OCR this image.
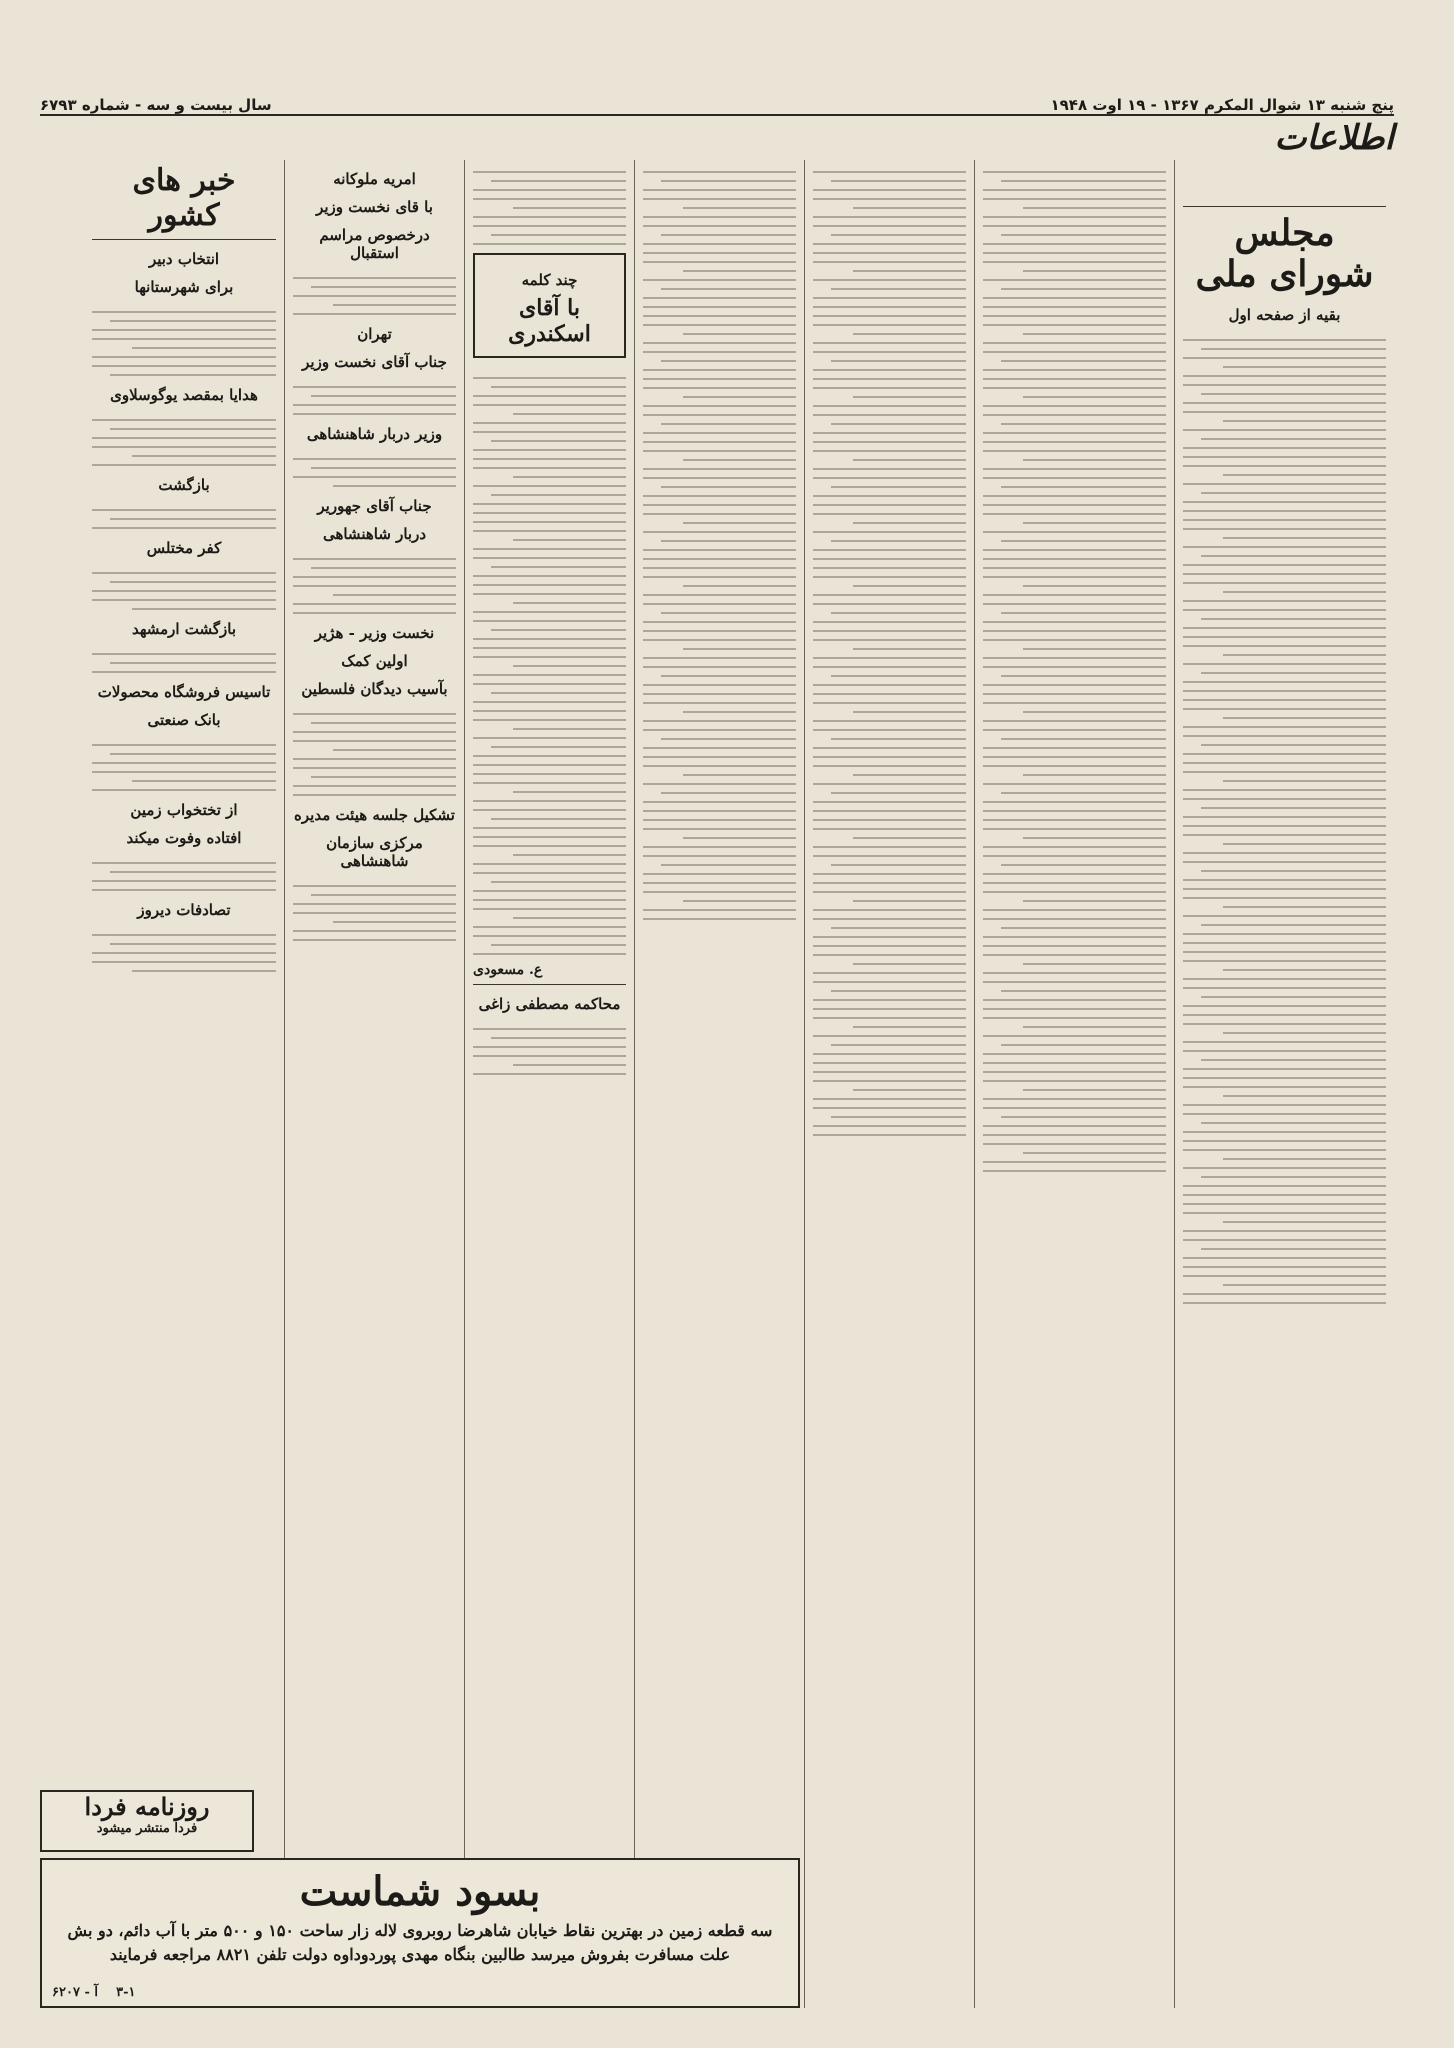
پنج شنبه ۱۳ شوال المکرم ۱۳۶۷ - ۱۹ اوت ۱۹۴۸
سال بیست و سه - شماره ۶۷۹۳
اطلاعات
مجلس شورای ملی
بقیه از صفحه اول
چند کلمه
با آقای اسکندری
ع. مسعودی
محاکمه مصطفی زاغی
امریه ملوکانه
با قای نخست وزیر
درخصوص مراسم استقبال
تهران
جناب آقای نخست وزیر
وزیر دربار شاهنشاهی
جناب آقای جهوریر
دربار شاهنشاهی
نخست وزیر - هژیر
اولین کمک
بآسیب دیدگان فلسطین
تشکیل جلسه هیئت مدیره
مرکزی سازمان شاهنشاهی
خبر های کشور
انتخاب دبیر
برای شهرستانها
هدایا بمقصد یوگوسلاوی
بازگشت
کفر مختلس
بازگشت ارمشهد
تاسیس فروشگاه محصولات
بانک صنعتی
از تختخواب زمین
افتاده وفوت میکند
تصادفات دیروز
روزنامه فردا
فردا منتشر میشود
بسود شماست
سه قطعه زمین در بهترین نقاط خیابان شاهرضا روبروی لاله زار ساحت ۱۵۰ و ۵۰۰ متر با آب دائم، دو بش علت مسافرت بفروش میرسد طالبین بنگاه مهدی پوردوداوه دولت تلفن ۸۸۲۱ مراجعه فرمایند
۳-۱    آ - ۶۲۰۷
